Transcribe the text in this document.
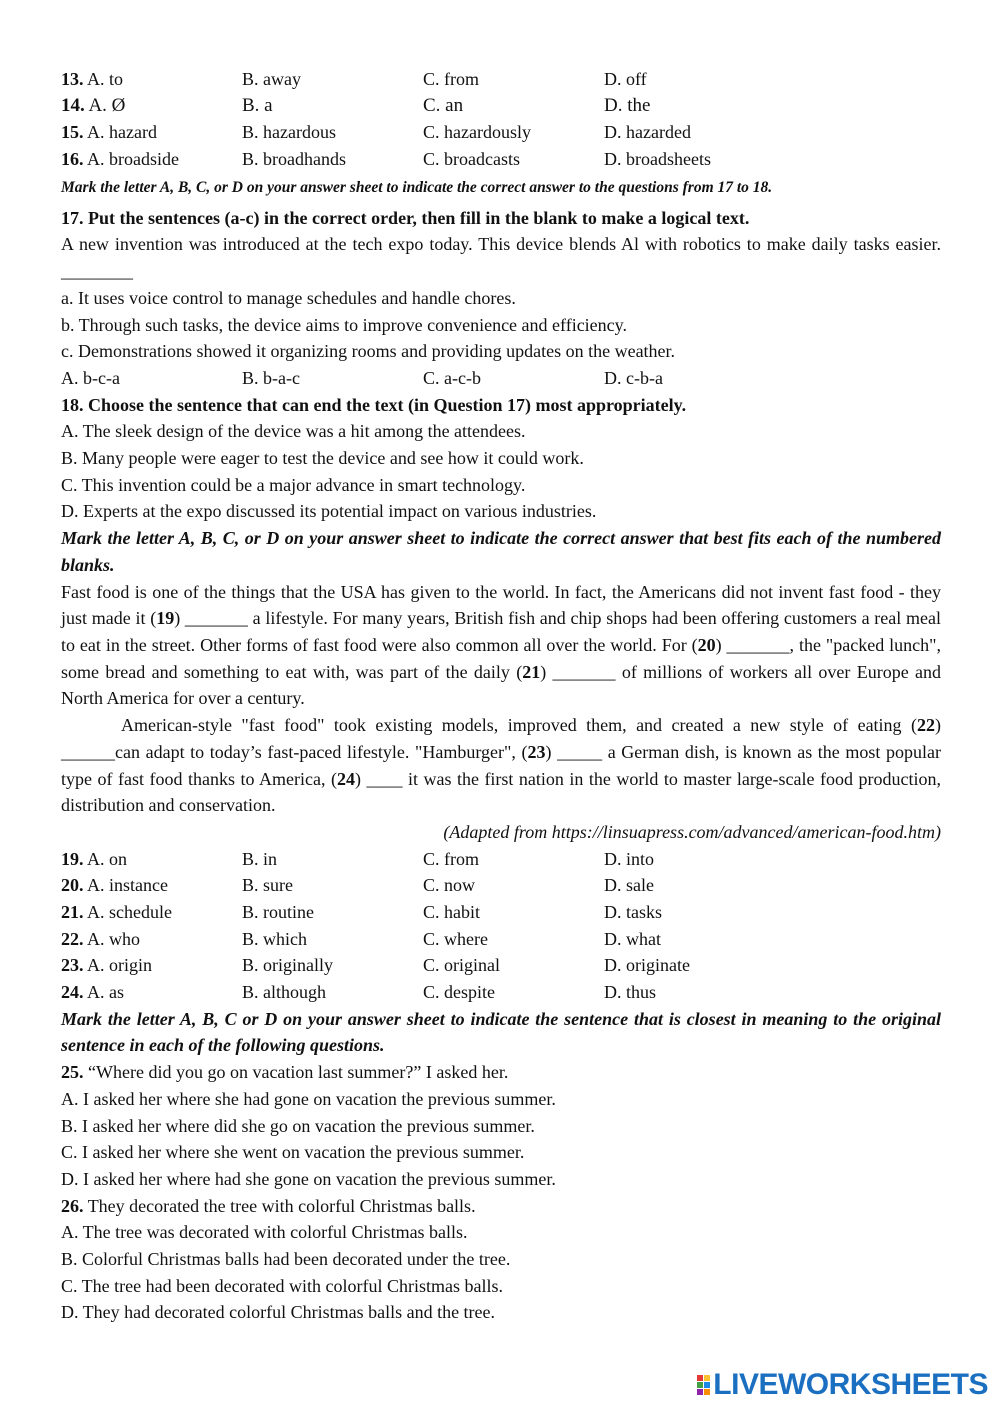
13. A. to	B. away	C. from	D. off
14. A. Ø	B. a	C. an	D. the
15. A. hazard	B. hazardous	C. hazardously	D. hazarded
16. A. broadside	B. broadhands	C. broadcasts	D. broadsheets
Mark the letter A, B, C, or D on your answer sheet to indicate the correct answer to the questions from 17 to 18.
17. Put the sentences (a-c) in the correct order, then fill in the blank to make a logical text.
A new invention was introduced at the tech expo today. This device blends Al with robotics to make daily tasks easier. ________
a. It uses voice control to manage schedules and handle chores.
b. Through such tasks, the device aims to improve convenience and efficiency.
c. Demonstrations showed it organizing rooms and providing updates on the weather.
A. b-c-a	B. b-a-c	C. a-c-b	D. c-b-a
18. Choose the sentence that can end the text (in Question 17) most appropriately.
A. The sleek design of the device was a hit among the attendees.
B. Many people were eager to test the device and see how it could work.
C. This invention could be a major advance in smart technology.
D. Experts at the expo discussed its potential impact on various industries.
Mark the letter A, B, C, or D on your answer sheet to indicate the correct answer that best fits each of the numbered blanks.
Fast food is one of the things that the USA has given to the world. In fact, the Americans did not invent fast food - they just made it (19) _______ a lifestyle. For many years, British fish and chip shops had been offering customers a real meal to eat in the street. Other forms of fast food were also common all over the world. For (20) _______, the "packed lunch", some bread and something to eat with, was part of the daily (21) _______ of millions of workers all over Europe and North America for over a century.
American-style "fast food" took existing models, improved them, and created a new style of eating (22) ______can adapt to today’s fast-paced lifestyle. "Hamburger", (23) _____ a German dish, is known as the most popular type of fast food thanks to America, (24) ____ it was the first nation in the world to master large-scale food production, distribution and conservation.
(Adapted from https://linsuapress.com/advanced/american-food.htm)
19. A. on	B. in	C. from	D. into
20. A. instance	B. sure	C. now	D. sale
21. A. schedule	B. routine	C. habit	D. tasks
22. A. who	B. which	C. where	D. what
23. A. origin	B. originally	C. original	D. originate
24. A. as	B. although	C. despite	D. thus
Mark the letter A, B, C or D on your answer sheet to indicate the sentence that is closest in meaning to the original sentence in each of the following questions.
25. “Where did you go on vacation last summer?” I asked her.
A. I asked her where she had gone on vacation the previous summer.
B. I asked her where did she go on vacation the previous summer.
C. I asked her where she went on vacation the previous summer.
D. I asked her where had she gone on vacation the previous summer.
26. They decorated the tree with colorful Christmas balls.
A. The tree was decorated with colorful Christmas balls.
B. Colorful Christmas balls had been decorated under the tree.
C. The tree had been decorated with colorful Christmas balls.
D. They had decorated colorful Christmas balls and the tree.
LIVEWORKSHEETS
